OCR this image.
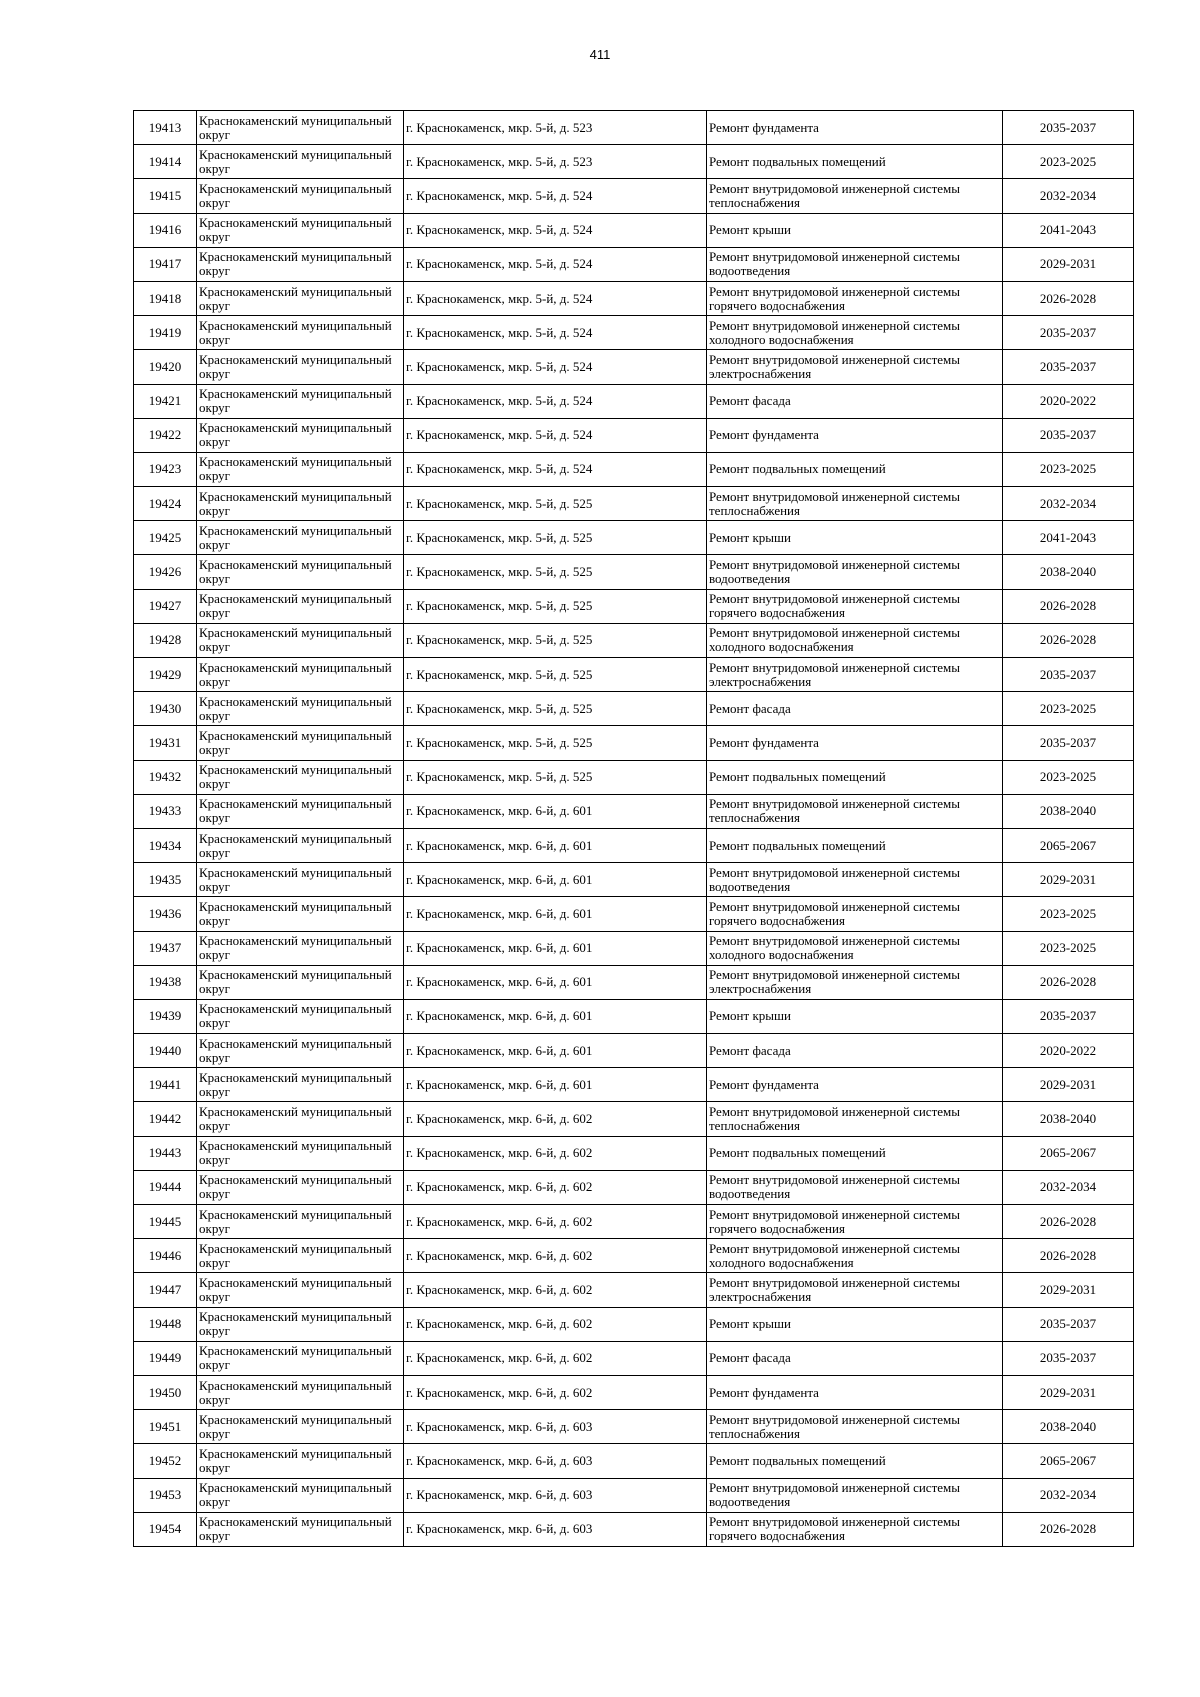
411
19413	Краснокаменский муниципальный округ	г. Краснокаменск, мкр. 5-й, д. 523	Ремонт фундамента	2035-2037
19414	Краснокаменский муниципальный округ	г. Краснокаменск, мкр. 5-й, д. 523	Ремонт подвальных помещений	2023-2025
19415	Краснокаменский муниципальный округ	г. Краснокаменск, мкр. 5-й, д. 524	Ремонт внутридомовой инженерной системы теплоснабжения	2032-2034
19416	Краснокаменский муниципальный округ	г. Краснокаменск, мкр. 5-й, д. 524	Ремонт крыши	2041-2043
19417	Краснокаменский муниципальный округ	г. Краснокаменск, мкр. 5-й, д. 524	Ремонт внутридомовой инженерной системы водоотведения	2029-2031
19418	Краснокаменский муниципальный округ	г. Краснокаменск, мкр. 5-й, д. 524	Ремонт внутридомовой инженерной системы горячего водоснабжения	2026-2028
19419	Краснокаменский муниципальный округ	г. Краснокаменск, мкр. 5-й, д. 524	Ремонт внутридомовой инженерной системы холодного водоснабжения	2035-2037
19420	Краснокаменский муниципальный округ	г. Краснокаменск, мкр. 5-й, д. 524	Ремонт внутридомовой инженерной системы электроснабжения	2035-2037
19421	Краснокаменский муниципальный округ	г. Краснокаменск, мкр. 5-й, д. 524	Ремонт фасада	2020-2022
19422	Краснокаменский муниципальный округ	г. Краснокаменск, мкр. 5-й, д. 524	Ремонт фундамента	2035-2037
19423	Краснокаменский муниципальный округ	г. Краснокаменск, мкр. 5-й, д. 524	Ремонт подвальных помещений	2023-2025
19424	Краснокаменский муниципальный округ	г. Краснокаменск, мкр. 5-й, д. 525	Ремонт внутридомовой инженерной системы теплоснабжения	2032-2034
19425	Краснокаменский муниципальный округ	г. Краснокаменск, мкр. 5-й, д. 525	Ремонт крыши	2041-2043
19426	Краснокаменский муниципальный округ	г. Краснокаменск, мкр. 5-й, д. 525	Ремонт внутридомовой инженерной системы водоотведения	2038-2040
19427	Краснокаменский муниципальный округ	г. Краснокаменск, мкр. 5-й, д. 525	Ремонт внутридомовой инженерной системы горячего водоснабжения	2026-2028
19428	Краснокаменский муниципальный округ	г. Краснокаменск, мкр. 5-й, д. 525	Ремонт внутридомовой инженерной системы холодного водоснабжения	2026-2028
19429	Краснокаменский муниципальный округ	г. Краснокаменск, мкр. 5-й, д. 525	Ремонт внутридомовой инженерной системы электроснабжения	2035-2037
19430	Краснокаменский муниципальный округ	г. Краснокаменск, мкр. 5-й, д. 525	Ремонт фасада	2023-2025
19431	Краснокаменский муниципальный округ	г. Краснокаменск, мкр. 5-й, д. 525	Ремонт фундамента	2035-2037
19432	Краснокаменский муниципальный округ	г. Краснокаменск, мкр. 5-й, д. 525	Ремонт подвальных помещений	2023-2025
19433	Краснокаменский муниципальный округ	г. Краснокаменск, мкр. 6-й, д. 601	Ремонт внутридомовой инженерной системы теплоснабжения	2038-2040
19434	Краснокаменский муниципальный округ	г. Краснокаменск, мкр. 6-й, д. 601	Ремонт подвальных помещений	2065-2067
19435	Краснокаменский муниципальный округ	г. Краснокаменск, мкр. 6-й, д. 601	Ремонт внутридомовой инженерной системы водоотведения	2029-2031
19436	Краснокаменский муниципальный округ	г. Краснокаменск, мкр. 6-й, д. 601	Ремонт внутридомовой инженерной системы горячего водоснабжения	2023-2025
19437	Краснокаменский муниципальный округ	г. Краснокаменск, мкр. 6-й, д. 601	Ремонт внутридомовой инженерной системы холодного водоснабжения	2023-2025
19438	Краснокаменский муниципальный округ	г. Краснокаменск, мкр. 6-й, д. 601	Ремонт внутридомовой инженерной системы электроснабжения	2026-2028
19439	Краснокаменский муниципальный округ	г. Краснокаменск, мкр. 6-й, д. 601	Ремонт крыши	2035-2037
19440	Краснокаменский муниципальный округ	г. Краснокаменск, мкр. 6-й, д. 601	Ремонт фасада	2020-2022
19441	Краснокаменский муниципальный округ	г. Краснокаменск, мкр. 6-й, д. 601	Ремонт фундамента	2029-2031
19442	Краснокаменский муниципальный округ	г. Краснокаменск, мкр. 6-й, д. 602	Ремонт внутридомовой инженерной системы теплоснабжения	2038-2040
19443	Краснокаменский муниципальный округ	г. Краснокаменск, мкр. 6-й, д. 602	Ремонт подвальных помещений	2065-2067
19444	Краснокаменский муниципальный округ	г. Краснокаменск, мкр. 6-й, д. 602	Ремонт внутридомовой инженерной системы водоотведения	2032-2034
19445	Краснокаменский муниципальный округ	г. Краснокаменск, мкр. 6-й, д. 602	Ремонт внутридомовой инженерной системы горячего водоснабжения	2026-2028
19446	Краснокаменский муниципальный округ	г. Краснокаменск, мкр. 6-й, д. 602	Ремонт внутридомовой инженерной системы холодного водоснабжения	2026-2028
19447	Краснокаменский муниципальный округ	г. Краснокаменск, мкр. 6-й, д. 602	Ремонт внутридомовой инженерной системы электроснабжения	2029-2031
19448	Краснокаменский муниципальный округ	г. Краснокаменск, мкр. 6-й, д. 602	Ремонт крыши	2035-2037
19449	Краснокаменский муниципальный округ	г. Краснокаменск, мкр. 6-й, д. 602	Ремонт фасада	2035-2037
19450	Краснокаменский муниципальный округ	г. Краснокаменск, мкр. 6-й, д. 602	Ремонт фундамента	2029-2031
19451	Краснокаменский муниципальный округ	г. Краснокаменск, мкр. 6-й, д. 603	Ремонт внутридомовой инженерной системы теплоснабжения	2038-2040
19452	Краснокаменский муниципальный округ	г. Краснокаменск, мкр. 6-й, д. 603	Ремонт подвальных помещений	2065-2067
19453	Краснокаменский муниципальный округ	г. Краснокаменск, мкр. 6-й, д. 603	Ремонт внутридомовой инженерной системы водоотведения	2032-2034
19454	Краснокаменский муниципальный округ	г. Краснокаменск, мкр. 6-й, д. 603	Ремонт внутридомовой инженерной системы горячего водоснабжения	2026-2028
